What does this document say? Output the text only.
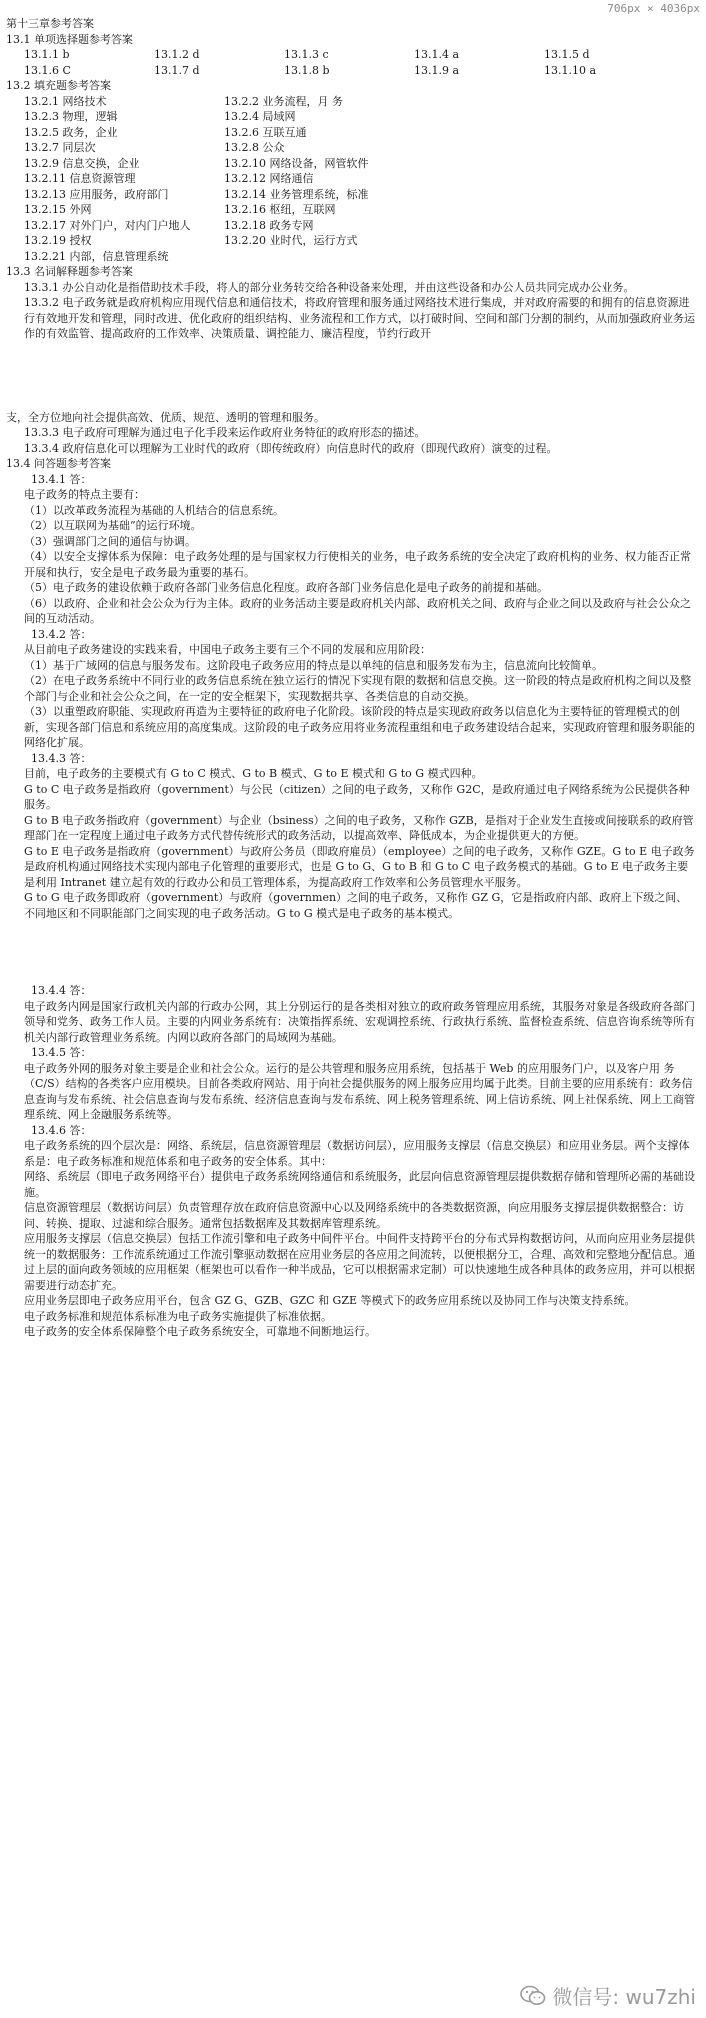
706px × 4036px

第十三章参考答案

13.1 单项选择题参考答案

13.1.1 b	13.1.2 d	13.1.3 c	13.1.4 a	13.1.5 d
13.1.6 C	13.1.7 d	13.1.8 b	13.1.9 a	13.1.10 a

13.2 填充题参考答案

13.2.1 网络技术	13.2.2 业务流程，月 务
13.2.3 物理，逻辑	13.2.4 局域网
13.2.5 政务，企业	13.2.6 互联互通
13.2.7 同层次	13.2.8 公众
13.2.9 信息交换，企业	13.2.10 网络设备，网管软件
13.2.11 信息资源管理	13.2.12 网络通信
13.2.13 应用服务，政府部门	13.2.14 业务管理系统，标准
13.2.15 外网	13.2.16 枢纽，互联网
13.2.17 对外门户，对内门户地人	13.2.18 政务专网
13.2.19 授权	13.2.20 业时代，运行方式
13.2.21 内部，信息管理系统

13.3 名词解释题参考答案

13.3.1 办公自动化是指借助技术手段，将人的部分业务转交给各种设备来处理，并由这些设备和办公人员共同完成办公业务。

13.3.2 电子政务就是政府机构应用现代信息和通信技术，将政府管理和服务通过网络技术进行集成，并对政府需要的和拥有的信息资源进行有效地开发和管理，同时改进、优化政府的组织结构、业务流程和工作方式，以打破时间、空间和部门分割的制约，从而加强政府业务运作的有效监管、提高政府的工作效率、决策质量、调控能力、廉洁程度，节约行政开

支，全方位地向社会提供高效、优质、规范、透明的管理和服务。

13.3.3 电子政府可理解为通过电子化手段来运作政府业务特征的政府形态的描述。

13.3.4 政府信息化可以理解为工业时代的政府（即传统政府）向信息时代的政府（即现代政府）演变的过程。

13.4 问答题参考答案

13.4.1 答：

电子政务的特点主要有：

（1）以改革政务流程为基础的人机结合的信息系统。

（2）以互联网为基础”的运行环境。

（3）强调部门之间的通信与协调。

（4）以安全支撑体系为保障：电子政务处理的是与国家权力行使相关的业务，电子政务系统的安全决定了政府机构的业务、权力能否正常开展和执行，安全是电子政务最为重要的基石。

（5）电子政务的建设依赖于政府各部门业务信息化程度。政府各部门业务信息化是电子政务的前提和基础。

（6）以政府、企业和社会公众为行为主体。政府的业务活动主要是政府机关内部、政府机关之间、政府与企业之间以及政府与社会公众之间的互动活动。

13.4.2 答：

从目前电子政务建设的实践来看，中国电子政务主要有三个不同的发展和应用阶段：

（1）基于广域网的信息与服务发布。这阶段电子政务应用的特点是以单纯的信息和服务发布为主，信息流向比较简单。

（2）在电子政务系统中不同行业的政务信息系统在独立运行的情况下实现有限的数据和信息交换。这一阶段的特点是政府机构之间以及整个部门与企业和社会公众之间，在一定的安全框架下，实现数据共享、各类信息的自动交换。

（3）以重塑政府职能、实现政府再造为主要特征的政府电子化阶段。该阶段的特点是实现政府政务以信息化为主要特征的管理模式的创新，实现各部门信息和系统应用的高度集成。这阶段的电子政务应用将业务流程重组和电子政务建设结合起来，实现政府管理和服务职能的网络化扩展。

13.4.3 答：

目前，电子政务的主要模式有 G to C 模式、G to B 模式、G to E 模式和 G to G 模式四种。

G to C 电子政务是指政府（government）与公民（citizen）之间的电子政务，又称作 G2C，是政府通过电子网络系统为公民提供各种服务。

G to B 电子政务指政府（government）与企业（bsiness）之间的电子政务，又称作 GZB，是指对于企业发生直接或间接联系的政府管理部门在一定程度上通过电子政务方式代替传统形式的政务活动，以提高效率、降低成本，为企业提供更大的方便。

G to E 电子政务是指政府（government）与政府公务员（即政府雇员）（employee）之间的电子政务，又称作 GZE。G to E 电子政务是政府机构通过网络技术实现内部电子化管理的重要形式，也是 G to G、G to B 和 G to C 电子政务模式的基础。G to E 电子政务主要是利用 Intranet 建立起有效的行政办公和员工管理体系，为提高政府工作效率和公务员管理水平服务。

G to G 电子政务即政府（government）与政府（governmen）之间的电子政务，又称作 GZ G，它是指政府内部、政府上下级之间、不同地区和不同职能部门之间实现的电子政务活动。G to G 模式是电子政务的基本模式。

13.4.4 答：

电子政务内网是国家行政机关内部的行政办公网，其上分别运行的是各类相对独立的政府政务管理应用系统，其服务对象是各级政府各部门领导和党务、政务工作人员。主要的内网业务系统有：决策指挥系统、宏观调控系统、行政执行系统、监督检查系统、信息咨询系统等所有机关内部行政管理业务系统。内网以政府各部门的局域网为基础。

13.4.5 答：

电子政务外网的服务对象主要是企业和社会公众。运行的是公共管理和服务应用系统，包括基于 Web 的应用服务门户，以及客户用 务（C/S）结构的各类客户应用模块。目前各类政府网站、用于向社会提供服务的网上服务应用均属于此类。目前主要的应用系统有：政务信息查询与发布系统、社会信息查询与发布系统、经济信息查询与发布系统、网上税务管理系统、网上信访系统、网上社保系统、网上工商管理系统、网上金融服务系统等。

13.4.6 答：

电子政务系统的四个层次是：网络、系统层，信息资源管理层（数据访问层），应用服务支撑层（信息交换层）和应用业务层。两个支撑体系是：电子政务标准和规范体系和电子政务的安全体系。其中：

网络、系统层（即电子政务网络平台）提供电子政务系统网络通信和系统服务，此层向信息资源管理层提供数据存储和管理所必需的基础设施。

信息资源管理层（数据访问层）负责管理存放在政府信息资源中心以及网络系统中的各类数据资源，向应用服务支撑层提供数据整合：访问、转换、提取、过滤和综合服务。通常包括数据库及其数据库管理系统。

应用服务支撑层（信息交换层）包括工作流引擎和电子政务中间件平台。中间件支持跨平台的分布式异构数据访问，从而向应用业务层提供统一的数据服务：工作流系统通过工作流引擎驱动数据在应用业务层的各应用之间流转，以便根据分工，合理、高效和完整地分配信息。通过上层的面向政务领域的应用框架（框架也可以看作一种半成品，它可以根据需求定制）可以快速地生成各种具体的政务应用，并可以根据需要进行动态扩充。

应用业务层即电子政务应用平台，包含 GZ G、GZB、GZC 和 GZE 等模式下的政务应用系统以及协同工作与决策支持系统。

电子政务标准和规范体系标准为电子政务实施提供了标准依据。

电子政务的安全体系保障整个电子政务系统安全，可靠地不间断地运行。

微信号: wu7zhi
